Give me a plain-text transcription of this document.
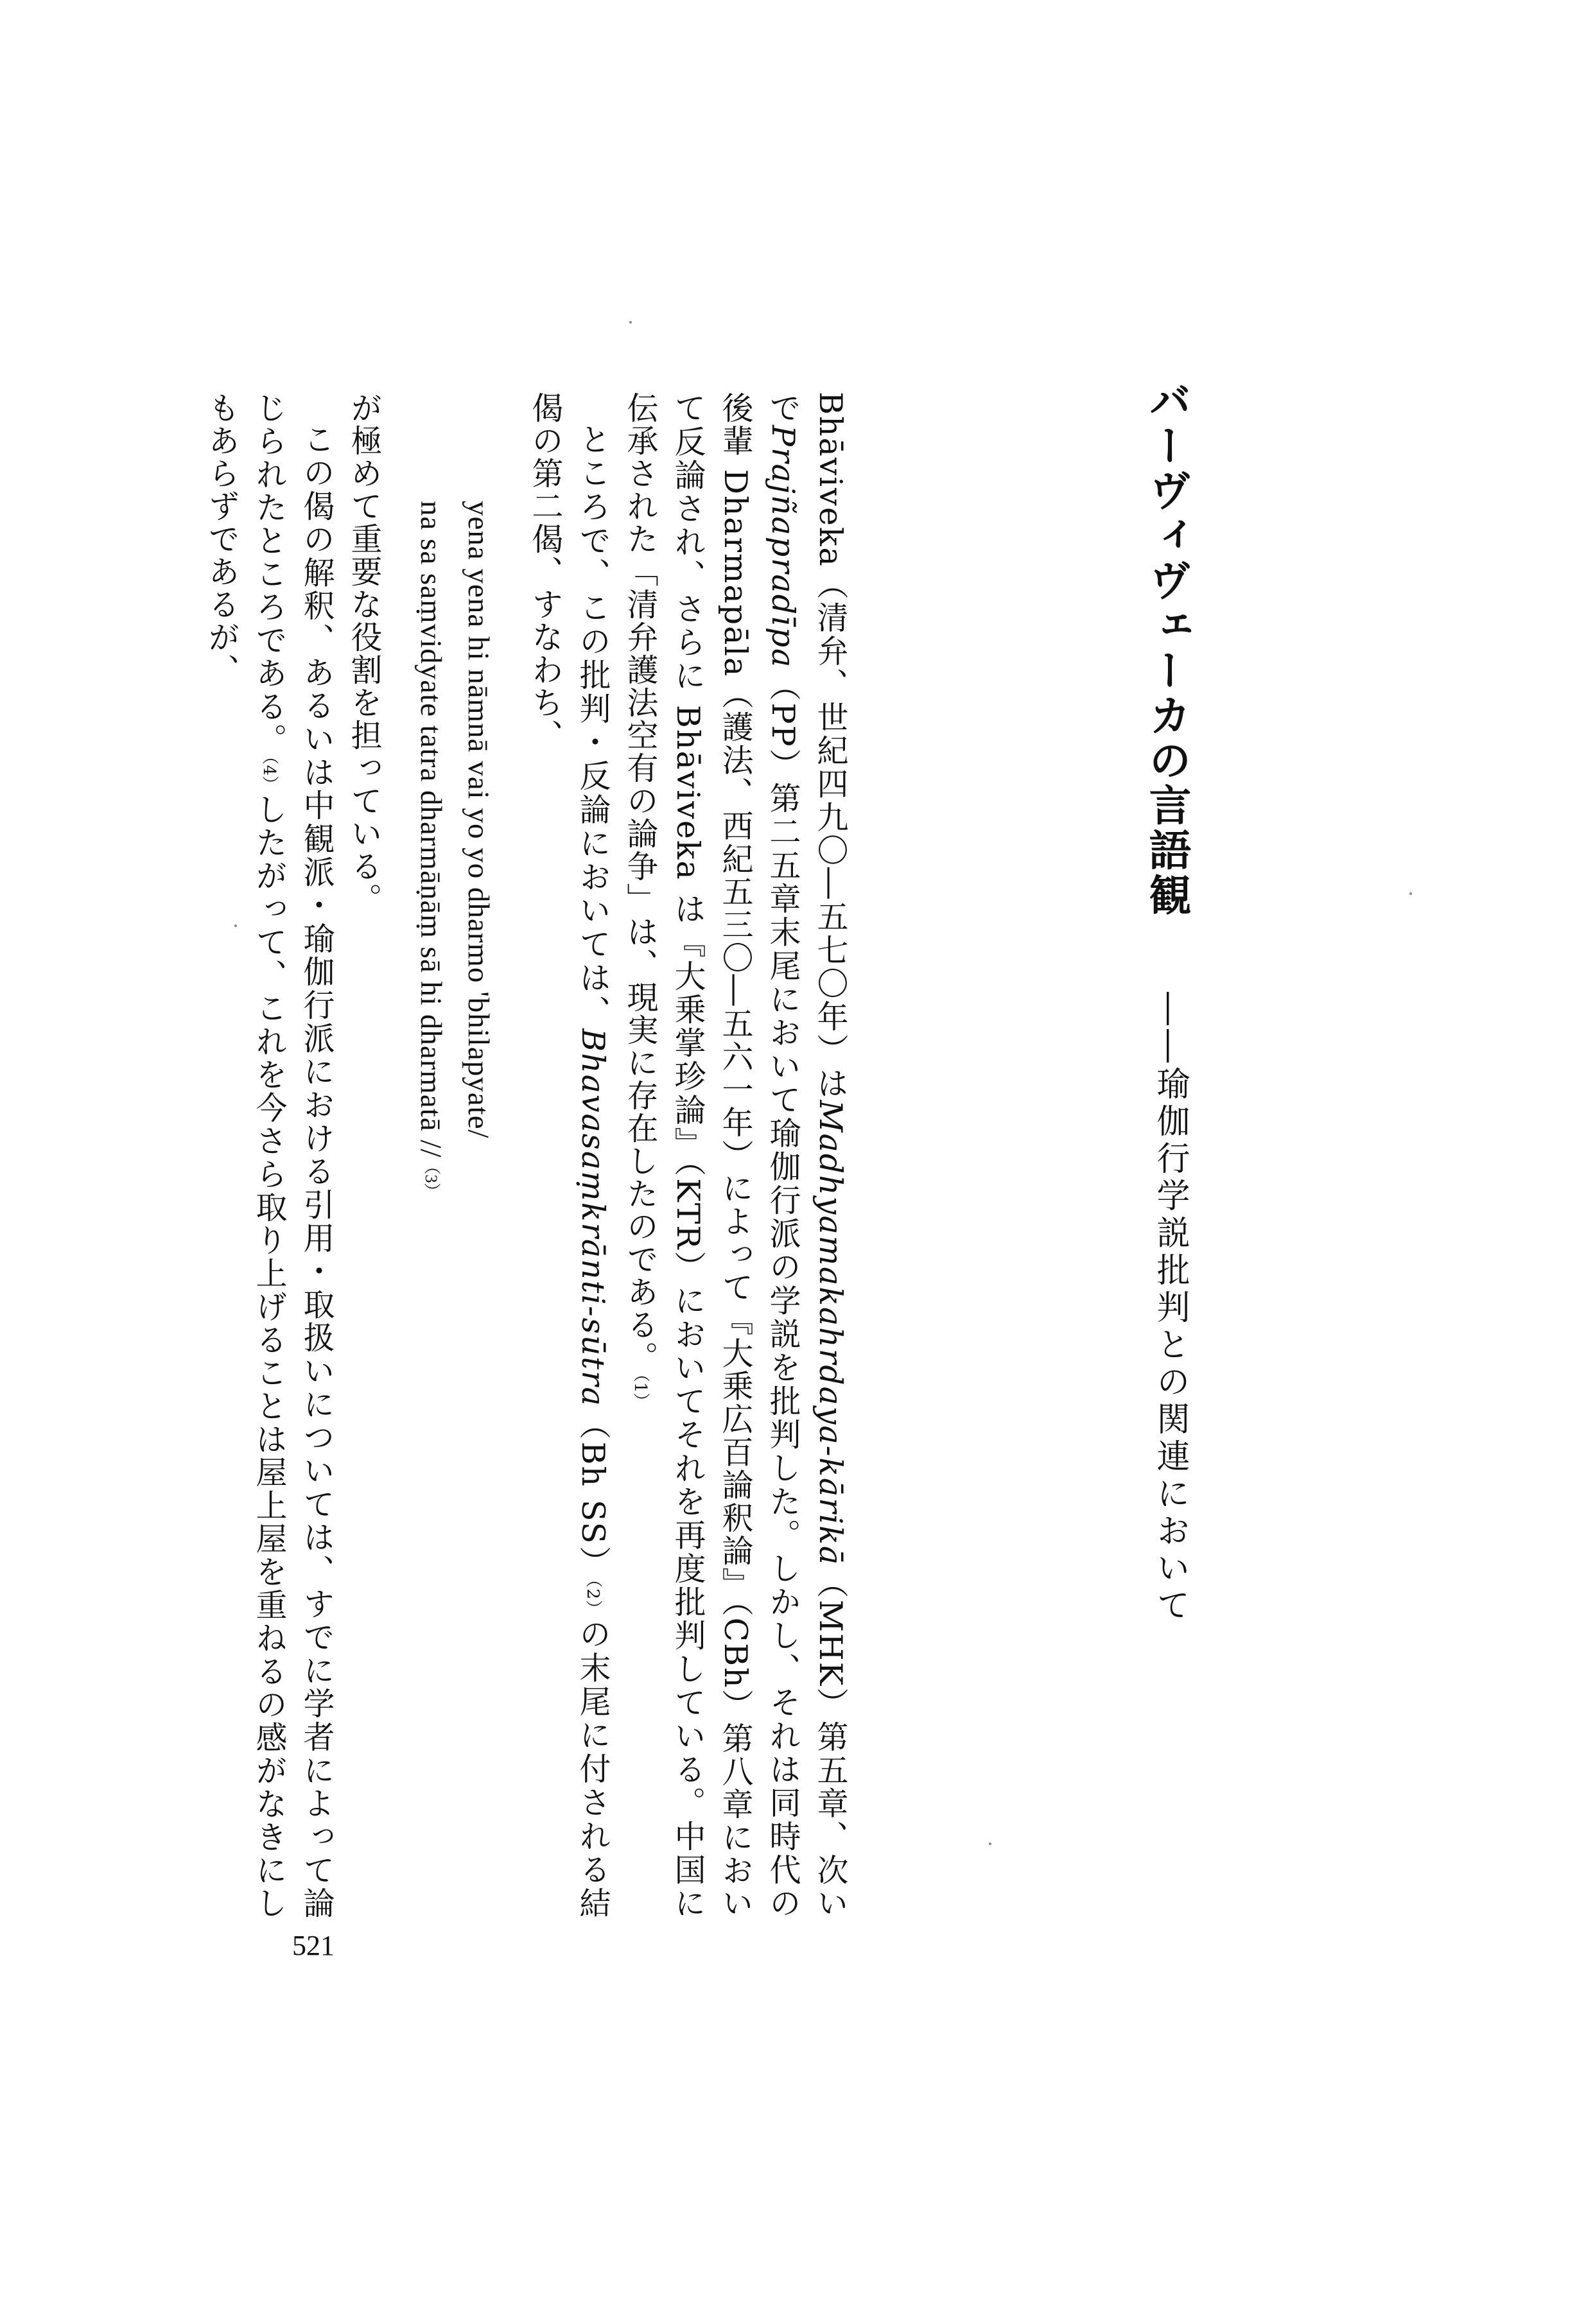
バーヴィヴェーカの言語観
――瑜伽行学説批判との関連において

Bhāviveka（清弁、世紀四九〇―五七〇年）はMadhyamakahrdaya-kārikā（MHK）第五章、次いでPrajñapradīpa（PP）第二五章末尾において瑜伽行派の学説を批判した。しかし、それは同時代の後輩 Dharmapāla（護法、西紀五三〇―五六一年）によって『大乗広百論釈論』（CBh）第八章において反論され、さらに Bhāviveka は『大乗掌珍論』（KTR）においてそれを再度批判している。中国に伝承された「清弁護法空有の論争」は、現実に存在したのである。（1）

ところで、この批判・反論においては、Bhavasaṃkrānti-sūtra（Bh SS）（2）の末尾に付される結偈の第二偈、すなわち、

yena yena hi nāmnā vai yo yo dharmo 'bhilapyate/

na sa saṃvidyate tatra dharmāṇāṃ sā hi dharmatā //（3）

が極めて重要な役割を担っている。

この偈の解釈、あるいは中観派・瑜伽行派における引用・取扱いについては、すでに学者によって論じられたところである。（4）したがって、これを今さら取り上げることは屋上屋を重ねるの感がなきにしもあらずであるが、

521
